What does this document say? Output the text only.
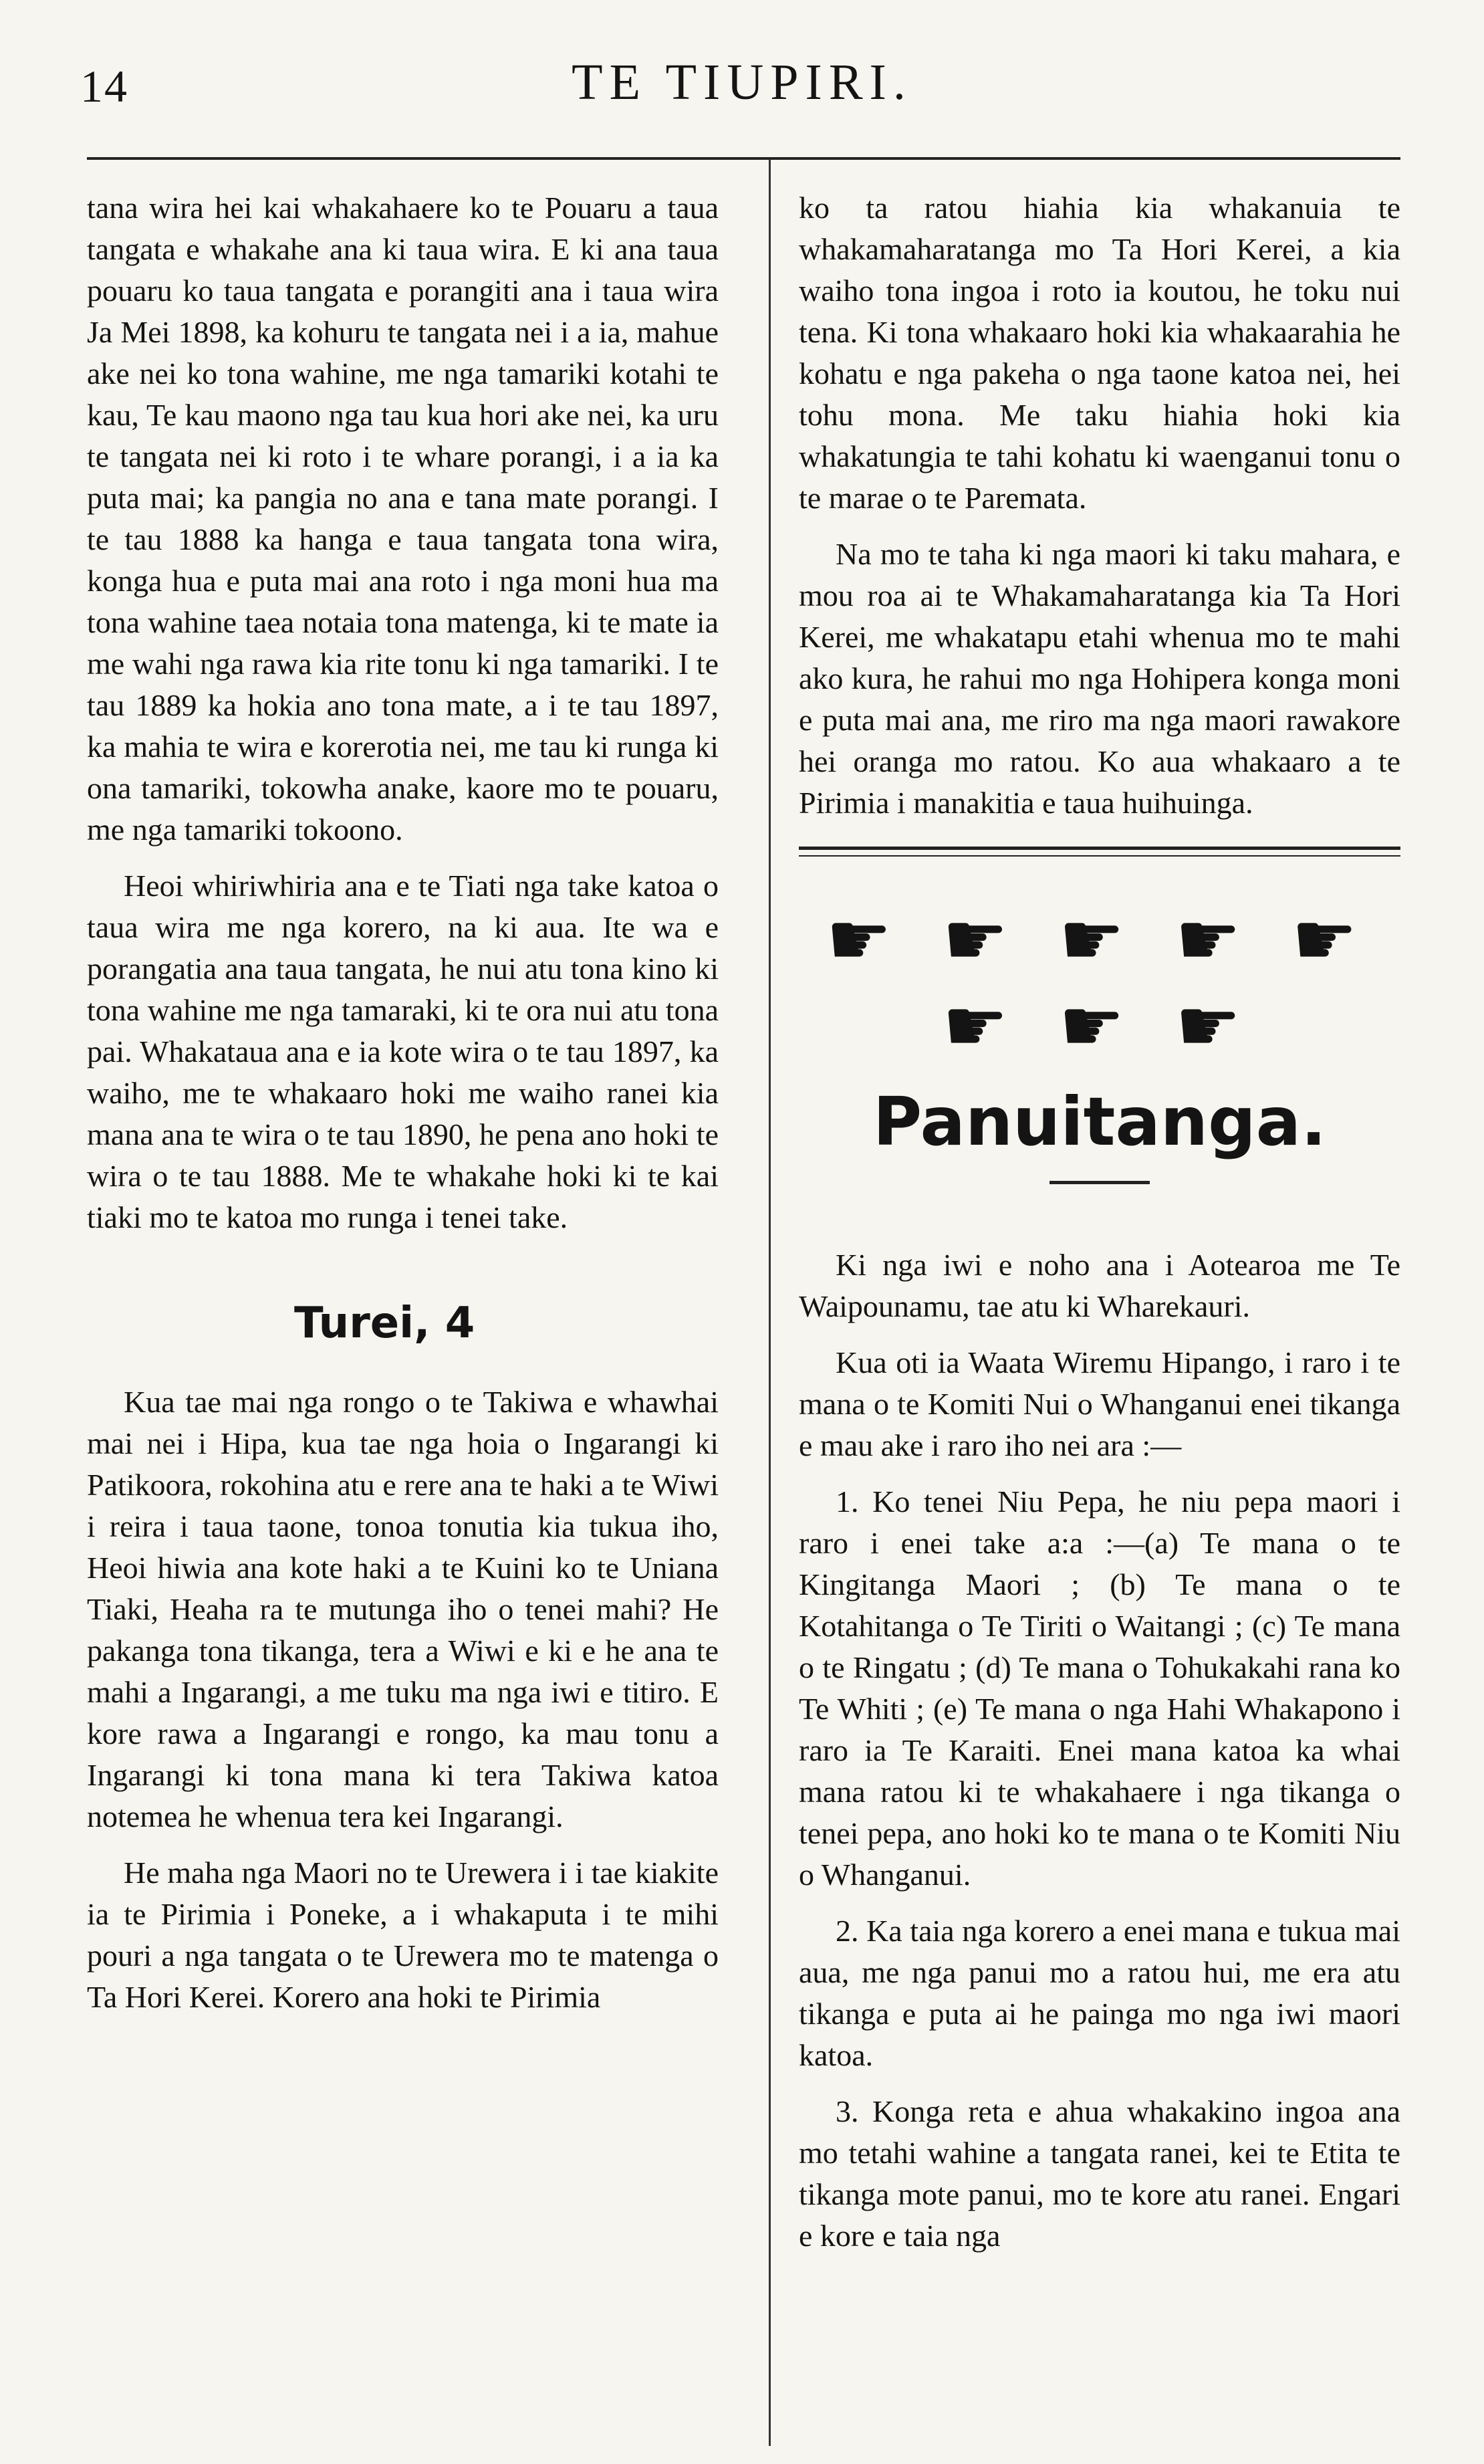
14	TE TIUPIRI.

tana wira hei kai whakahaere ko te Pouaru a taua tangata e whakahe ana ki taua wira. E ki ana taua pouaru ko taua tangata e porangiti ana i taua wira Ja Mei 1898, ka kohuru te tangata nei i a ia, mahue ake nei ko tona wahine, me nga tamariki kotahi te kau, Te kau maono nga tau kua hori ake nei, ka uru te tangata nei ki roto i te whare porangi, i a ia ka puta mai; ka pangia no ana e tana mate porangi. I te tau 1888 ka hanga e taua tangata tona wira, konga hua e puta mai ana roto i nga moni hua ma tona wahine taea notaia tona matenga, ki te mate ia me wahi nga rawa kia rite tonu ki nga tamariki. I te tau 1889 ka hokia ano tona mate, a i te tau 1897, ka mahia te wira e korerotia nei, me tau ki runga ki ona tamariki, tokowha anake, kaore mo te pouaru, me nga tamariki tokoono.

Heoi whiriwhiria ana e te Tiati nga take katoa o taua wira me nga korero, na ki aua. Ite wa e porangatia ana taua tangata, he nui atu tona kino ki tona wahine me nga tamaraki, ki te ora nui atu tona pai. Whakataua ana e ia kote wira o te tau 1897, ka waiho, me te whakaaro hoki me waiho ranei kia mana ana te wira o te tau 1890, he pena ano hoki te wira o te tau 1888. Me te whakahe hoki ki te kai tiaki mo te katoa mo runga i tenei take.

Turei, 4

Kua tae mai nga rongo o te Takiwa e whawhai mai nei i Hipa, kua tae nga hoia o Ingarangi ki Patikoora, rokohina atu e rere ana te haki a te Wiwi i reira i taua taone, tonoa tonutia kia tukua iho, Heoi hiwia ana kote haki a te Kuini ko te Uniana Tiaki, Heaha ra te mutunga iho o tenei mahi? He pakanga tona tikanga, tera a Wiwi e ki e he ana te mahi a Ingarangi, a me tuku ma nga iwi e titiro. E kore rawa a Ingarangi e rongo, ka mau tonu a Ingarangi ki tona mana ki tera Takiwa katoa notemea he whenua tera kei Ingarangi.

He maha nga Maori no te Urewera i i tae kiakite ia te Pirimia i Poneke, a i whakaputa i te mihi pouri a nga tangata o te Urewera mo te matenga o Ta Hori Kerei. Korero ana hoki te Pirimia

ko ta ratou hiahia kia whakanuia te whakamaharatanga mo Ta Hori Kerei, a kia waiho tona ingoa i roto ia koutou, he toku nui tena. Ki tona whakaaro hoki kia whakaarahia he kohatu e nga pakeha o nga taone katoa nei, hei tohu mona. Me taku hiahia hoki kia whakatungia te tahi kohatu ki waenganui tonu o te marae o te Paremata.

Na mo te taha ki nga maori ki taku mahara, e mou roa ai te Whakamaharatanga kia Ta Hori Kerei, me whakatapu etahi whenua mo te mahi ako kura, he rahui mo nga Hohipera konga moni e puta mai ana, me riro ma nga maori rawakore hei oranga mo ratou. Ko aua whakaaro a te Pirimia i manakitia e taua huihuinga.

☛ ☛ ☛ ☛ ☛ ☛ ☛ ☛
Panuitanga.

Ki nga iwi e noho ana i Aotearoa me Te Waipounamu, tae atu ki Wharekauri.

Kua oti ia Waata Wiremu Hipango, i raro i te mana o te Komiti Nui o Whanganui enei tikanga e mau ake i raro iho nei ara :—

1. Ko tenei Niu Pepa, he niu pepa maori i raro i enei take a:a :—(a) Te mana o te Kingitanga Maori ; (b) Te mana o te Kotahitanga o Te Tiriti o Waitangi ; (c) Te mana o te Ringatu ; (d) Te mana o Tohukakahi rana ko Te Whiti ; (e) Te mana o nga Hahi Whakapono i raro ia Te Karaiti. Enei mana katoa ka whai mana ratou ki te whakahaere i nga tikanga o tenei pepa, ano hoki ko te mana o te Komiti Niu o Whanganui.

2. Ka taia nga korero a enei mana e tukua mai aua, me nga panui mo a ratou hui, me era atu tikanga e puta ai he painga mo nga iwi maori katoa.

3. Konga reta e ahua whakakino ingoa ana mo tetahi wahine a tangata ranei, kei te Etita te tikanga mote panui, mo te kore atu ranei. Engari e kore e taia nga
